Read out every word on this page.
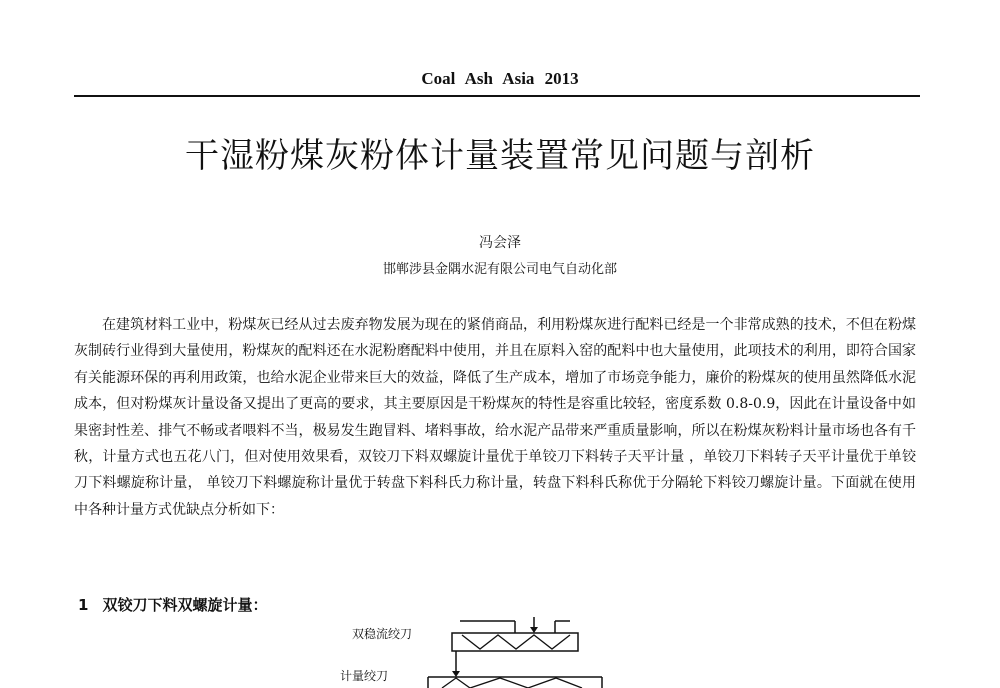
Coal Ash Asia 2013
干湿粉煤灰粉体计量装置常见问题与剖析
冯会泽
邯郸涉县金隅水泥有限公司电气自动化部

在建筑材料工业中，粉煤灰已经从过去废弃物发展为现在的紧俏商品，利用粉煤灰进行配料已经是一个非常成熟的技术，不但在粉煤灰制砖行业得到大量使用，粉煤灰的配料还在水泥粉磨配料中使用，并且在原料入窑的配料中也大量使用，此项技术的利用，即符合国家有关能源环保的再利用政策，也给水泥企业带来巨大的效益，降低了生产成本，增加了市场竞争能力，廉价的粉煤灰的使用虽然降低水泥成本，但对粉煤灰计量设备又提出了更高的要求，其主要原因是干粉煤灰的特性是容重比较轻，密度系数 0.8-0.9，因此在计量设备中如果密封性差、排气不畅或者喂料不当，极易发生跑冒料、堵料事故，给水泥产品带来严重质量影响，所以在粉煤灰粉料计量市场也各有千秋，计量方式也五花八门，但对使用效果看，双铰刀下料双螺旋计量优于单铰刀下料转子天平计量 ，单铰刀下料转子天平计量优于单铰刀下料螺旋称计量， 单铰刀下料螺旋称计量优于转盘下料科氏力称计量，转盘下料科氏称优于分隔轮下料铰刀螺旋计量。下面就在使用中各种计量方式优缺点分析如下：

1 双铰刀下料双螺旋计量：
双稳流绞刀
计量绞刀
